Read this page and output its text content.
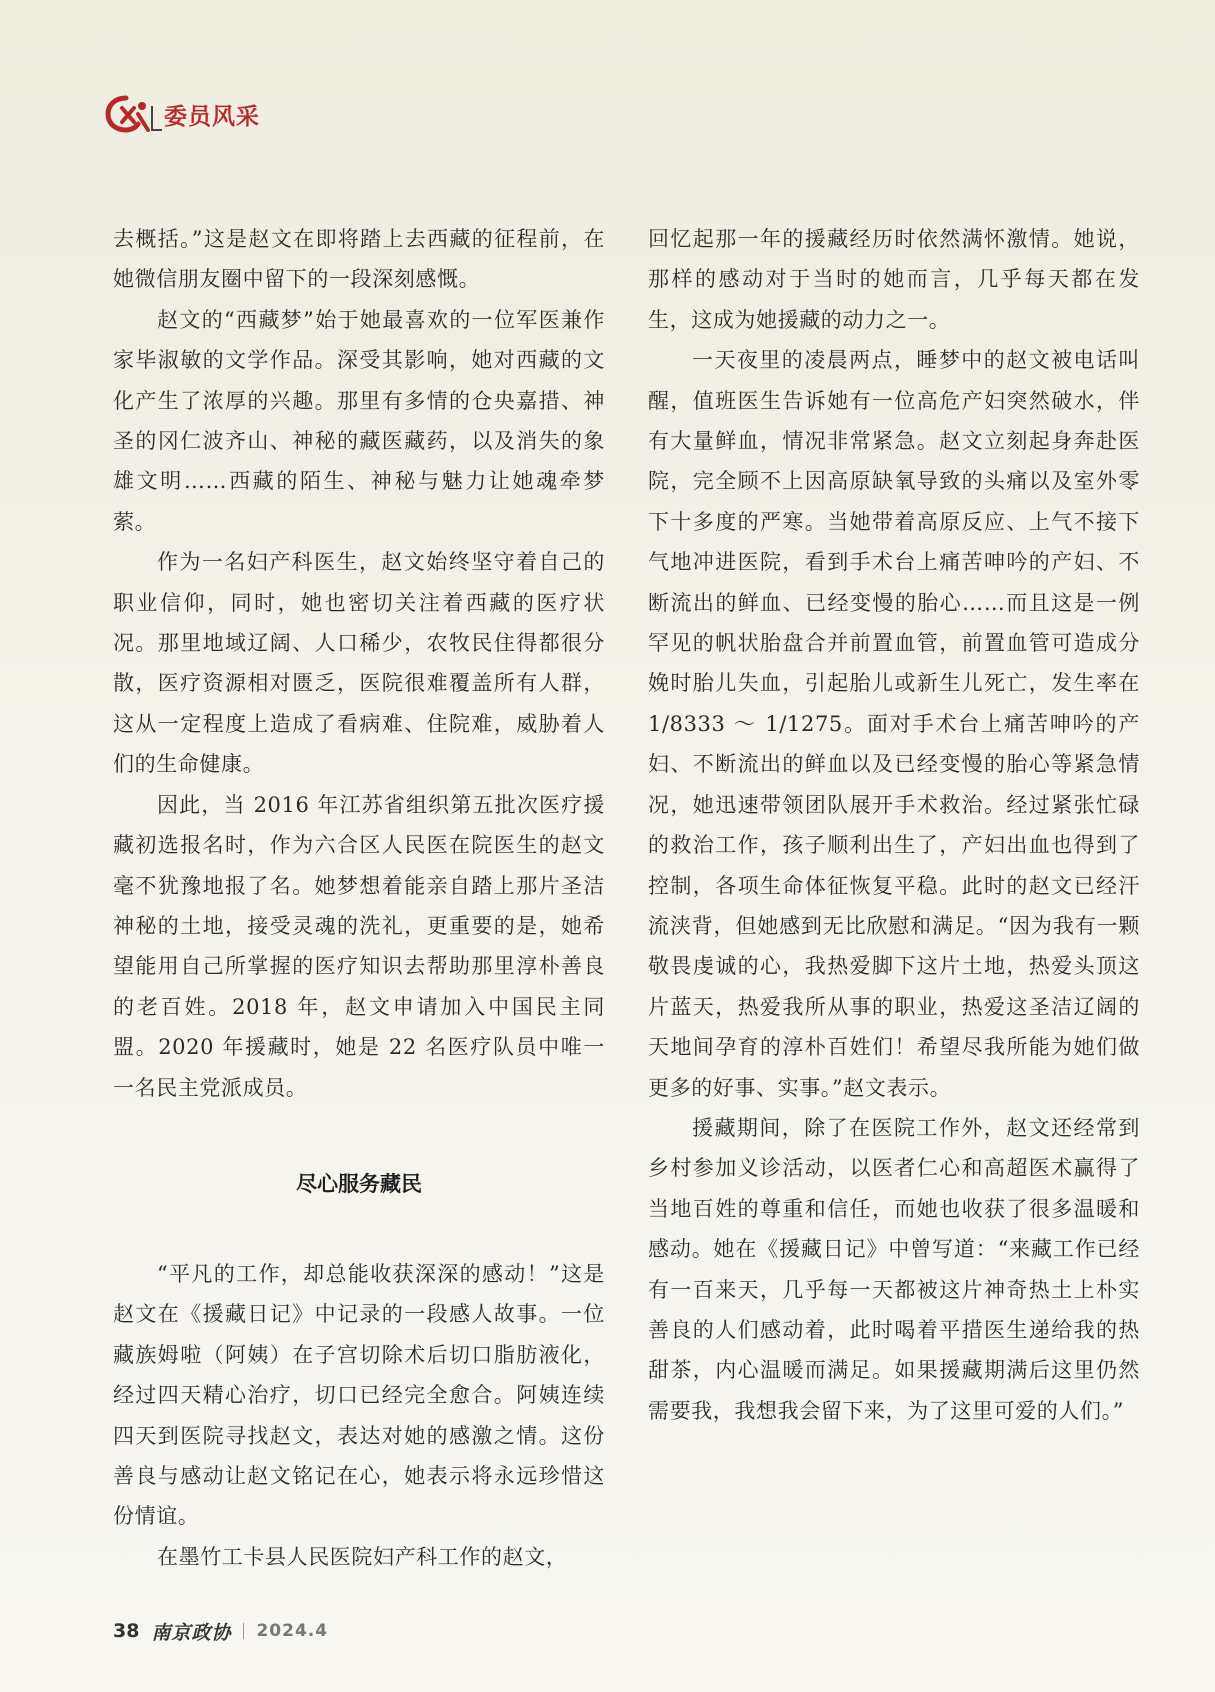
委员风采

去概括。”这是赵文在即将踏上去西藏的征程前，在她微信朋友圈中留下的一段深刻感慨。

赵文的“西藏梦”始于她最喜欢的一位军医兼作家毕淑敏的文学作品。深受其影响，她对西藏的文化产生了浓厚的兴趣。那里有多情的仓央嘉措、神圣的冈仁波齐山、神秘的藏医藏药，以及消失的象雄文明……西藏的陌生、神秘与魅力让她魂牵梦萦。

作为一名妇产科医生，赵文始终坚守着自己的职业信仰，同时，她也密切关注着西藏的医疗状况。那里地域辽阔、人口稀少，农牧民住得都很分散，医疗资源相对匮乏，医院很难覆盖所有人群，这从一定程度上造成了看病难、住院难，威胁着人们的生命健康。

因此，当 2016 年江苏省组织第五批次医疗援藏初选报名时，作为六合区人民医在院医生的赵文毫不犹豫地报了名。她梦想着能亲自踏上那片圣洁神秘的土地，接受灵魂的洗礼，更重要的是，她希望能用自己所掌握的医疗知识去帮助那里淳朴善良的老百姓。2018 年，赵文申请加入中国民主同盟。2020 年援藏时，她是 22 名医疗队员中唯一一名民主党派成员。

尽心服务藏民

“平凡的工作，却总能收获深深的感动！”这是赵文在《援藏日记》中记录的一段感人故事。一位藏族姆啦（阿姨）在子宫切除术后切口脂肪液化，经过四天精心治疗，切口已经完全愈合。阿姨连续四天到医院寻找赵文，表达对她的感激之情。这份善良与感动让赵文铭记在心，她表示将永远珍惜这份情谊。

在墨竹工卡县人民医院妇产科工作的赵文，

回忆起那一年的援藏经历时依然满怀激情。她说，那样的感动对于当时的她而言，几乎每天都在发生，这成为她援藏的动力之一。

一天夜里的凌晨两点，睡梦中的赵文被电话叫醒，值班医生告诉她有一位高危产妇突然破水，伴有大量鲜血，情况非常紧急。赵文立刻起身奔赴医院，完全顾不上因高原缺氧导致的头痛以及室外零下十多度的严寒。当她带着高原反应、上气不接下气地冲进医院，看到手术台上痛苦呻吟的产妇、不断流出的鲜血、已经变慢的胎心……而且这是一例罕见的帆状胎盘合并前置血管，前置血管可造成分娩时胎儿失血，引起胎儿或新生儿死亡，发生率在 1/8333 ～ 1/1275。面对手术台上痛苦呻吟的产妇、不断流出的鲜血以及已经变慢的胎心等紧急情况，她迅速带领团队展开手术救治。经过紧张忙碌的救治工作，孩子顺利出生了，产妇出血也得到了控制，各项生命体征恢复平稳。此时的赵文已经汗流浃背，但她感到无比欣慰和满足。“因为我有一颗敬畏虔诚的心，我热爱脚下这片土地，热爱头顶这片蓝天，热爱我所从事的职业，热爱这圣洁辽阔的天地间孕育的淳朴百姓们！希望尽我所能为她们做更多的好事、实事。”赵文表示。

援藏期间，除了在医院工作外，赵文还经常到乡村参加义诊活动，以医者仁心和高超医术赢得了当地百姓的尊重和信任，而她也收获了很多温暖和感动。她在《援藏日记》中曾写道：“来藏工作已经有一百来天，几乎每一天都被这片神奇热土上朴实善良的人们感动着，此时喝着平措医生递给我的热甜茶，内心温暖而满足。如果援藏期满后这里仍然需要我，我想我会留下来，为了这里可爱的人们。”

38 南京政协 2024.4
